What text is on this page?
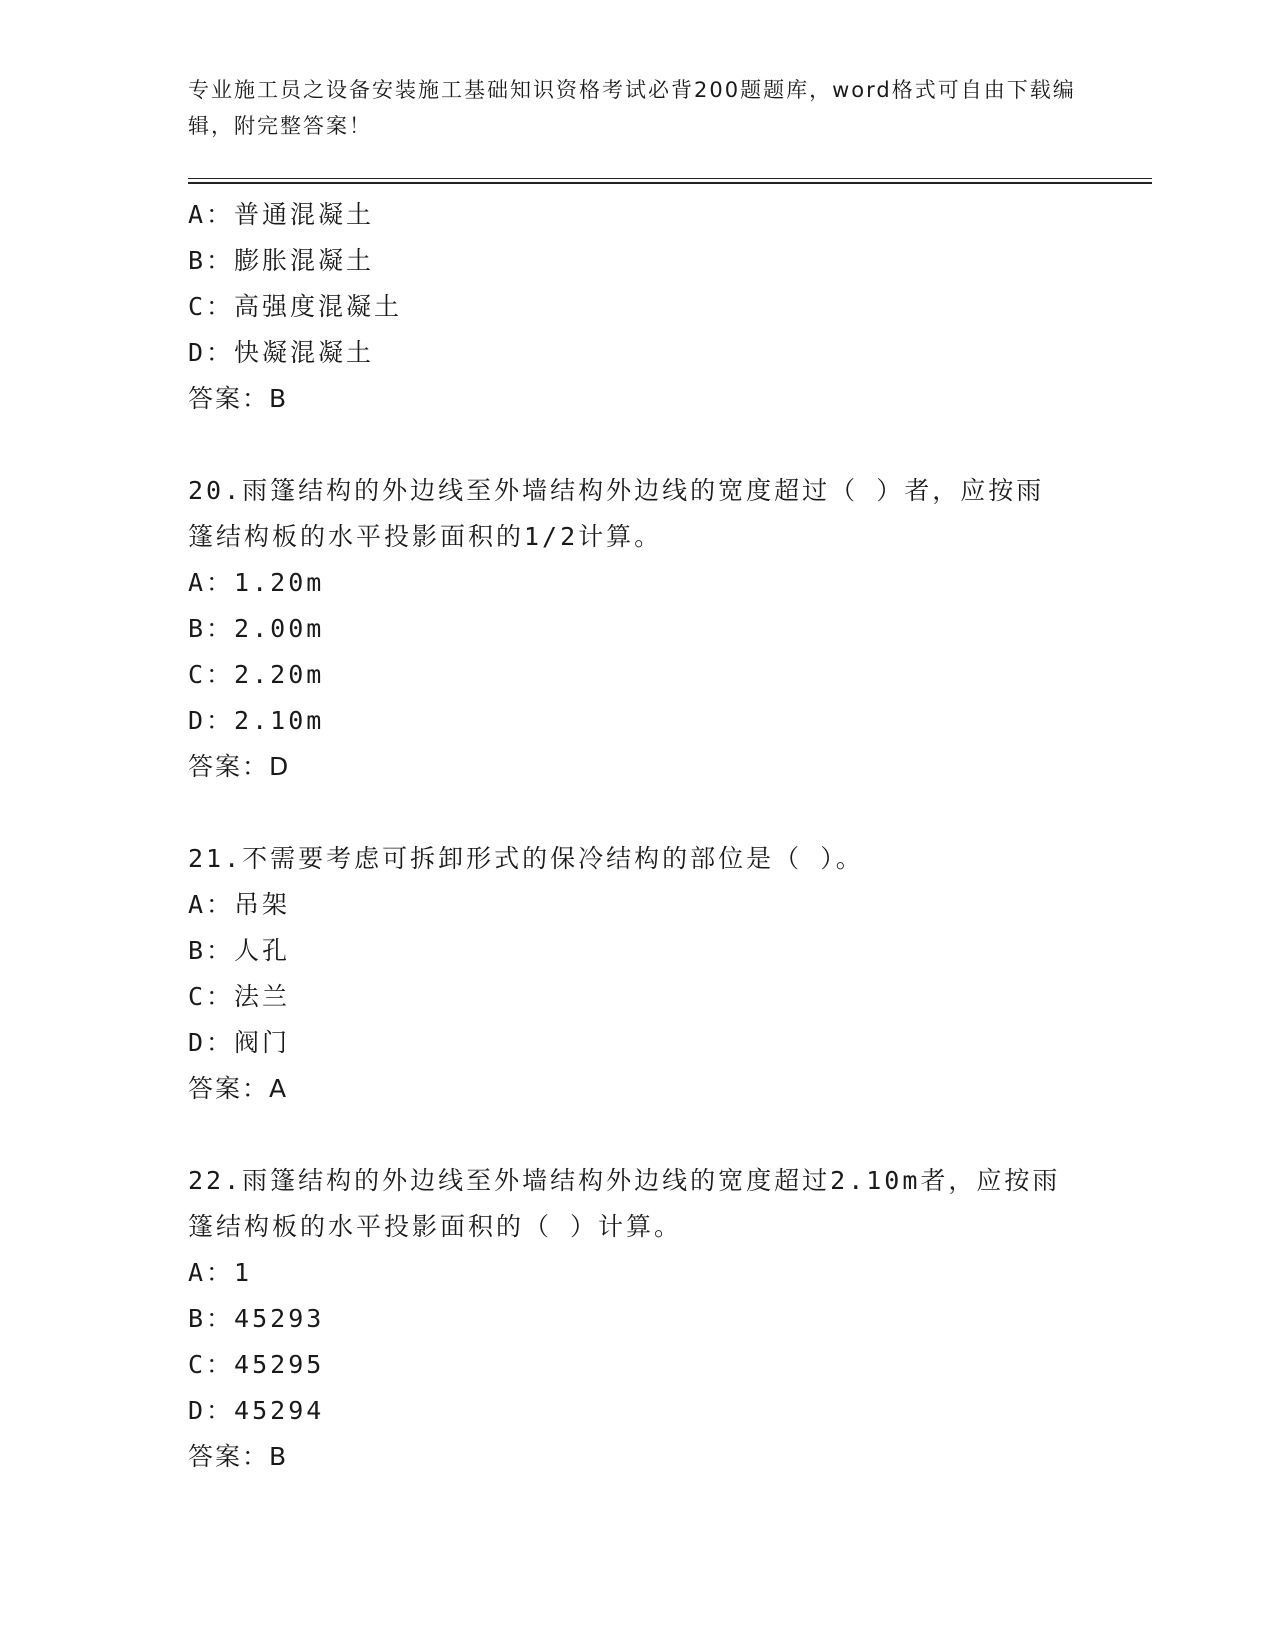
专业施工员之设备安装施工基础知识资格考试必背200题题库，word格式可自由下载编辑，附完整答案！
A：普通混凝土
B：膨胀混凝土
C：高强度混凝土
D：快凝混凝土
答案：B
20.雨篷结构的外边线至外墙结构外边线的宽度超过（ ）者，应按雨
篷结构板的水平投影面积的1/2计算。
A：1.20m
B：2.00m
C：2.20m
D：2.10m
答案：D
21.不需要考虑可拆卸形式的保冷结构的部位是（ ）。
A：吊架
B：人孔
C：法兰
D：阀门
答案：A
22.雨篷结构的外边线至外墙结构外边线的宽度超过2.10m者，应按雨
篷结构板的水平投影面积的（ ）计算。
A：1
B：45293
C：45295
D：45294
答案：B
